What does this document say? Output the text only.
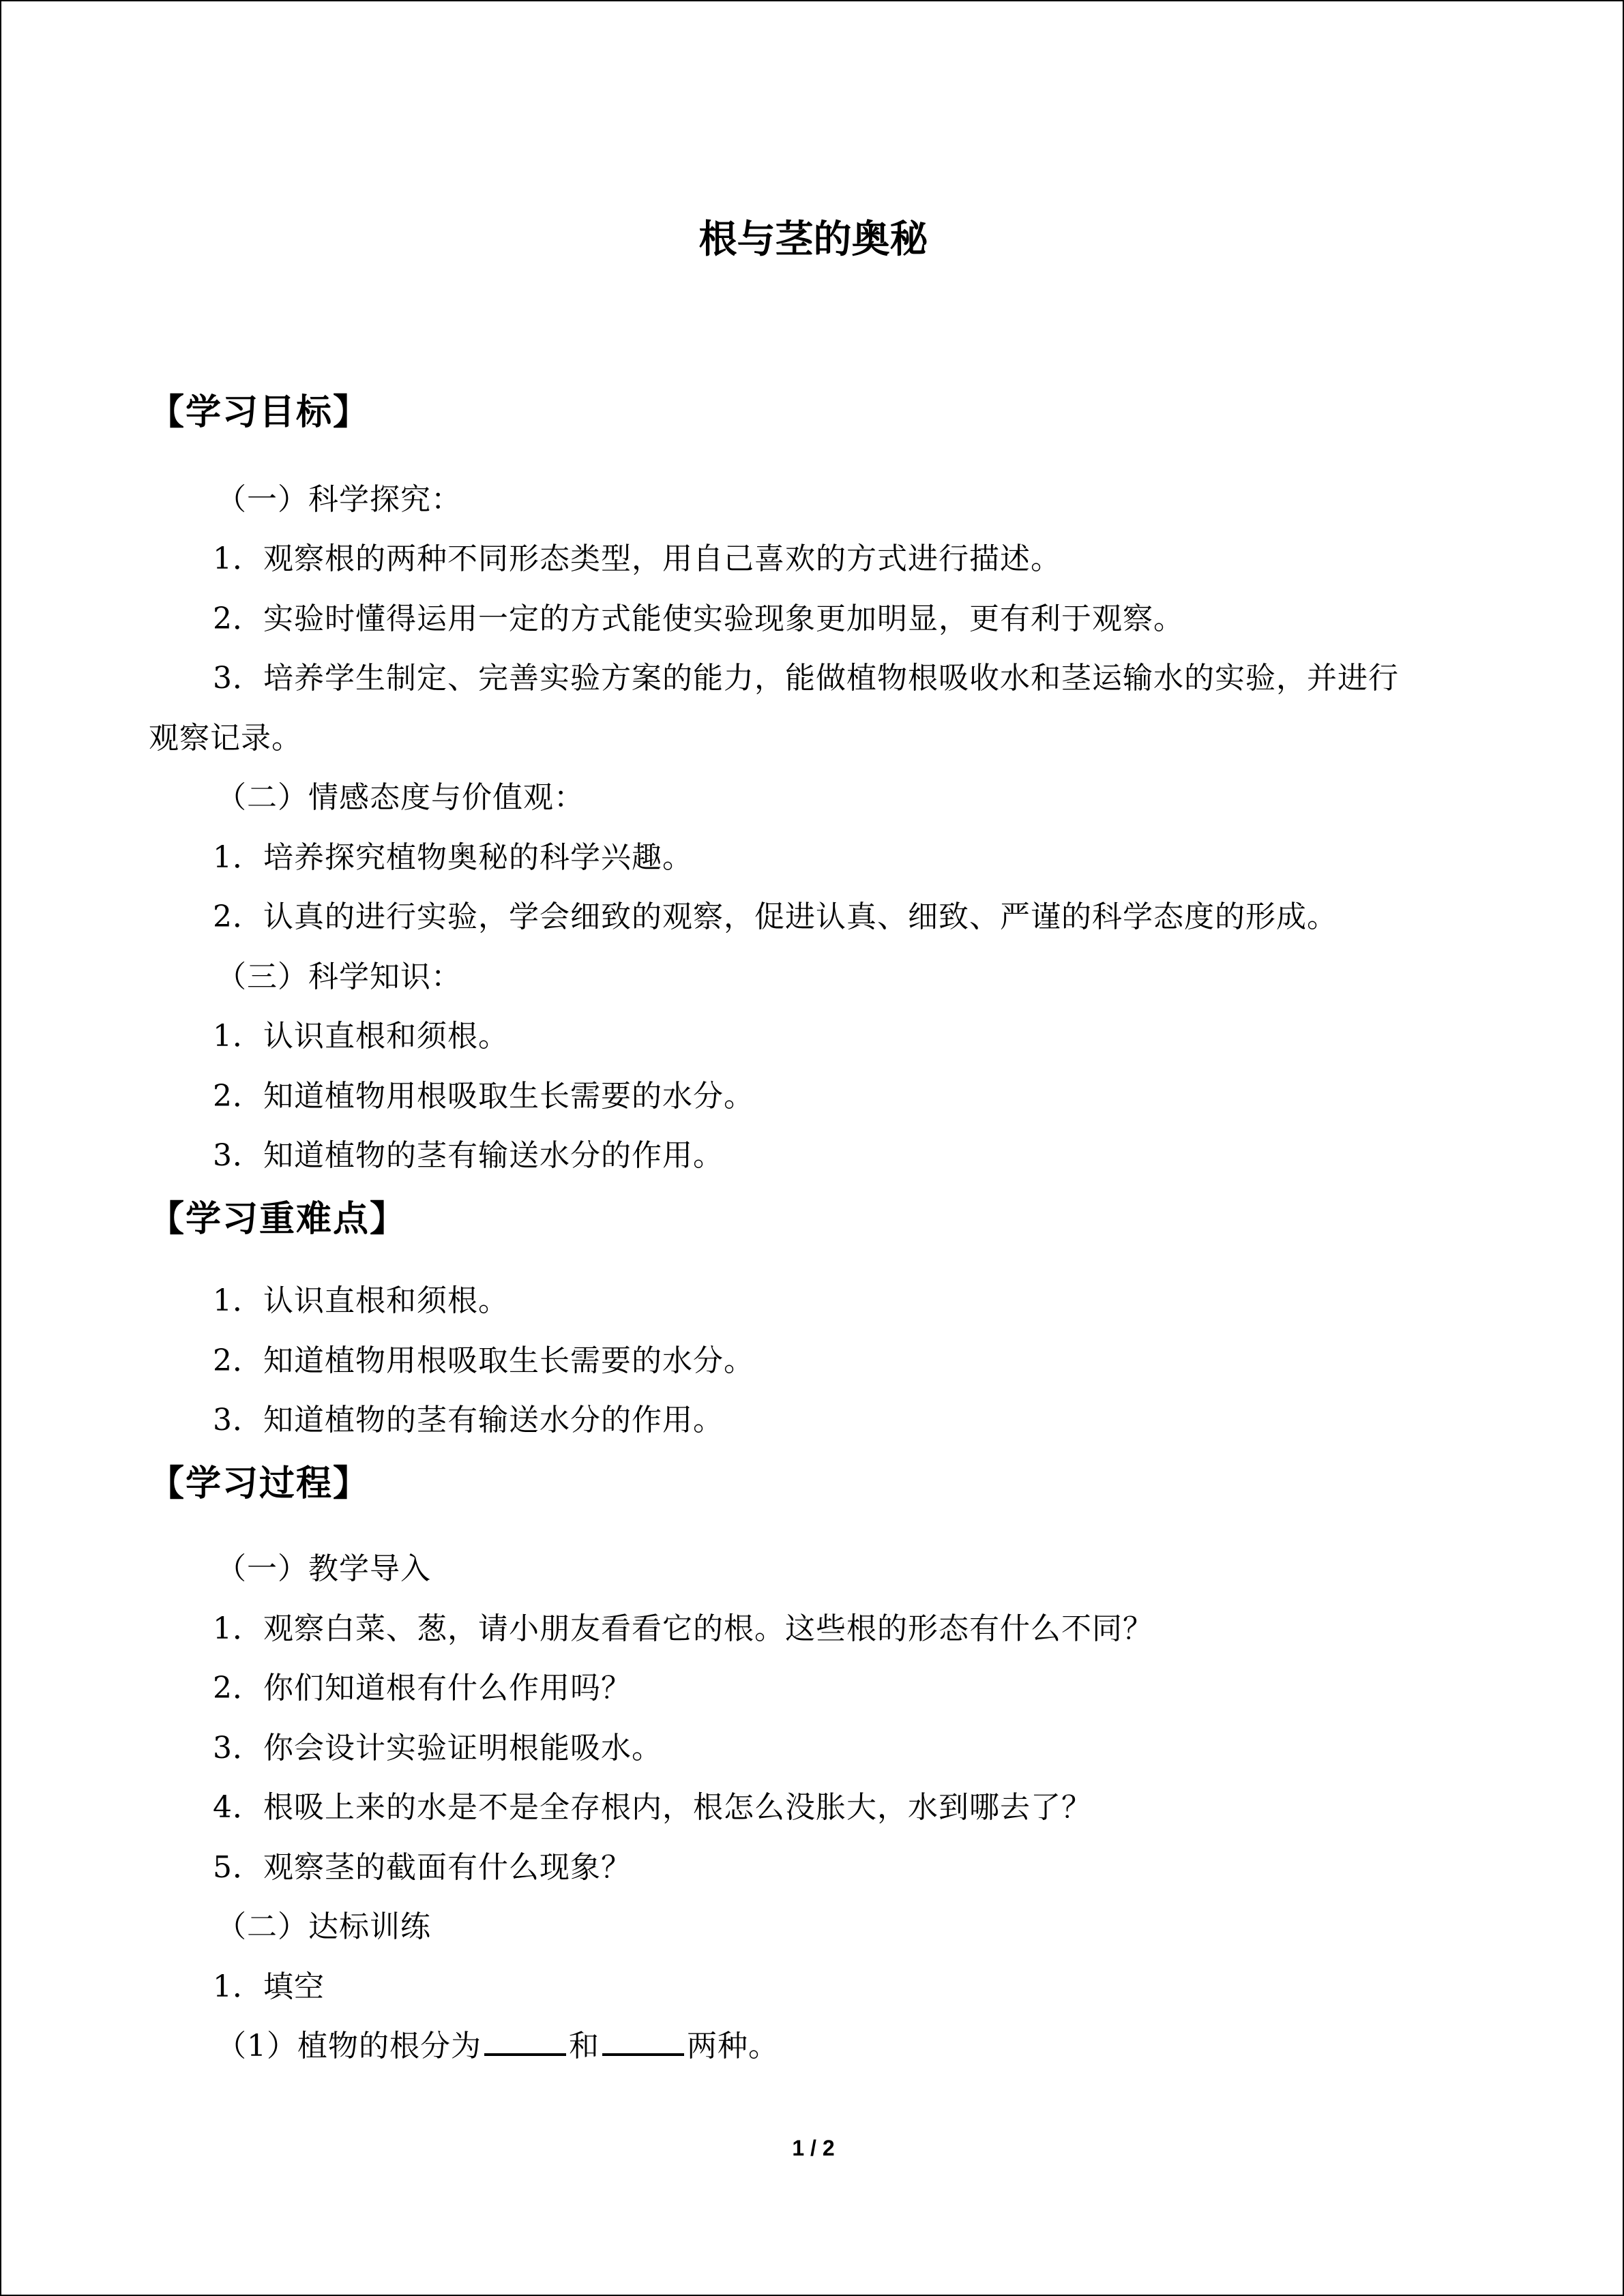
根与茎的奥秘
【学习目标】
（一）科学探究：
1．观察根的两种不同形态类型，用自己喜欢的方式进行描述。
2．实验时懂得运用一定的方式能使实验现象更加明显，更有利于观察。
3．培养学生制定、完善实验方案的能力，能做植物根吸收水和茎运输水的实验，并进行
观察记录。
（二）情感态度与价值观：
1．培养探究植物奥秘的科学兴趣。
2．认真的进行实验，学会细致的观察，促进认真、细致、严谨的科学态度的形成。
（三）科学知识：
1．认识直根和须根。
2．知道植物用根吸取生长需要的水分。
3．知道植物的茎有输送水分的作用。
【学习重难点】
1．认识直根和须根。
2．知道植物用根吸取生长需要的水分。
3．知道植物的茎有输送水分的作用。
【学习过程】
（一）教学导入
1．观察白菜、葱，请小朋友看看它的根。这些根的形态有什么不同？
2．你们知道根有什么作用吗？
3．你会设计实验证明根能吸水。
4．根吸上来的水是不是全存根内，根怎么没胀大，水到哪去了？
5．观察茎的截面有什么现象？
（二）达标训练
1．填空
（1）植物的根分为	和	两种。
1 / 2
